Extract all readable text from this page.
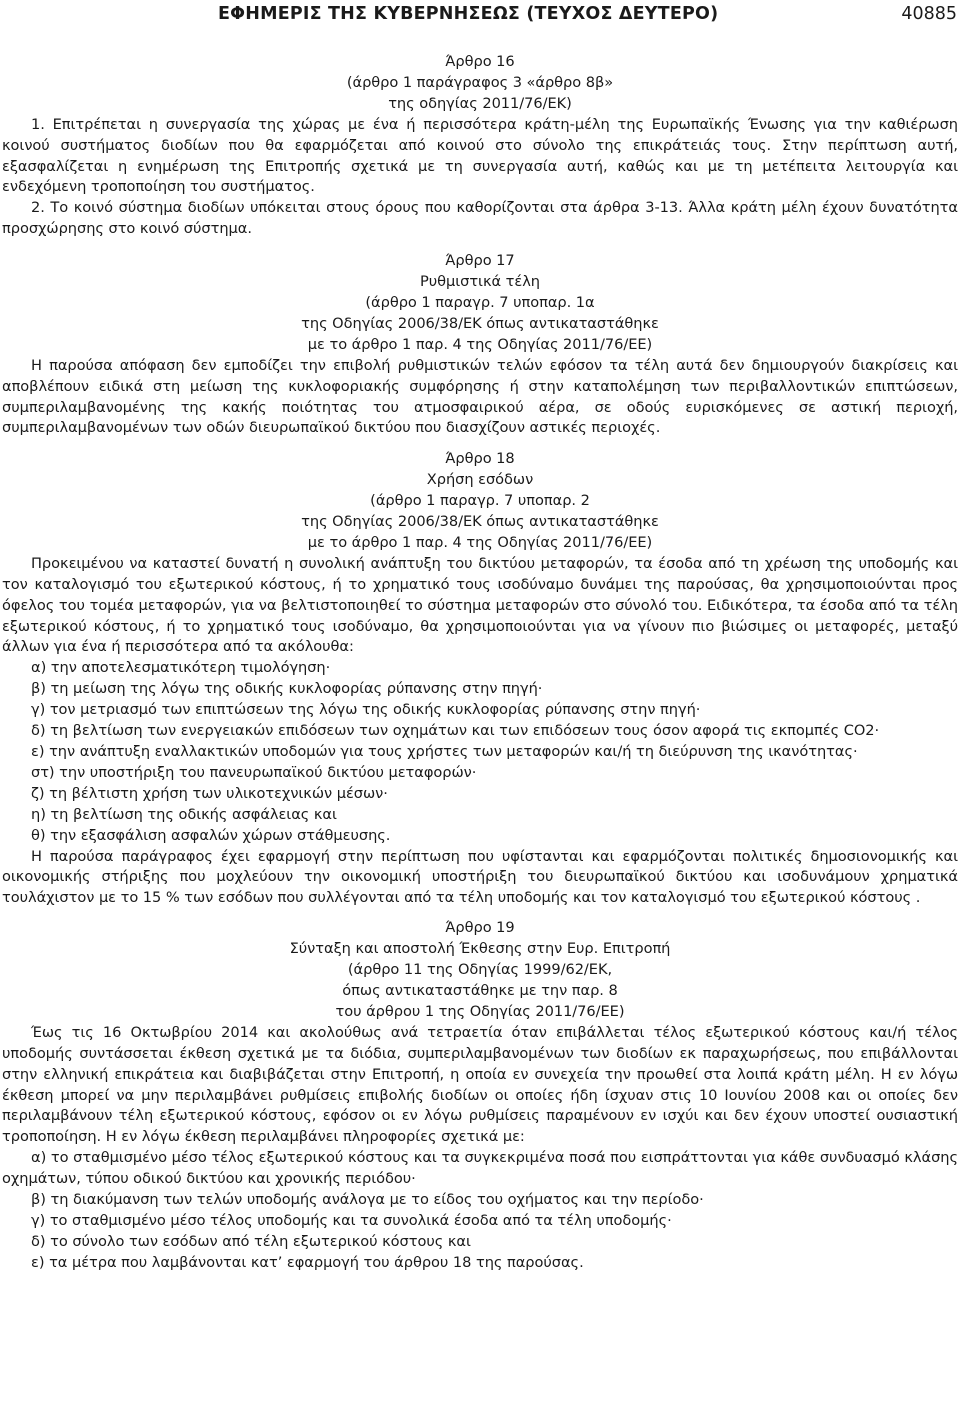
ΕΦΗΜΕΡΙΣ ΤΗΣ ΚΥΒΕΡΝΗΣΕΩΣ (ΤΕΥΧΟΣ ΔΕΥΤΕΡΟ)	40885
Άρθρο 16
(άρθρο 1 παράγραφος 3 «άρθρο 8β»
της οδηγίας 2011/76/ΕΚ)

1. Επιτρέπεται η συνεργασία της χώρας με ένα ή περισσότερα κράτη-μέλη της Ευρωπαϊκής Ένωσης για την καθιέρωση κοινού συστήματος διοδίων που θα εφαρμόζεται από κοινού στο σύνολο της επικράτειάς τους. Στην περίπτωση αυτή, εξασφαλίζεται η ενημέρωση της Επιτροπής σχετικά με τη συνεργασία αυτή, καθώς και με τη μετέπειτα λειτουργία και ενδεχόμενη τροποποίηση του συστήματος.

2. Το κοινό σύστημα διοδίων υπόκειται στους όρους που καθορίζονται στα άρθρα 3-13. Άλλα κράτη μέλη έχουν δυνατότητα προσχώρησης στο κοινό σύστημα.

Άρθρο 17
Ρυθμιστικά τέλη
(άρθρο 1 παραγρ. 7 υποπαρ. 1α
της Οδηγίας 2006/38/ΕΚ όπως αντικαταστάθηκε
με το άρθρο 1 παρ. 4 της Οδηγίας 2011/76/ΕΕ)

Η παρούσα απόφαση δεν εμποδίζει την επιβολή ρυθμιστικών τελών εφόσον τα τέλη αυτά δεν δημιουργούν διακρίσεις και αποβλέπουν ειδικά στη μείωση της κυκλοφοριακής συμφόρησης ή στην καταπολέμηση των περιβαλλοντικών επιπτώσεων, συμπεριλαμβανομένης της κακής ποιότητας του ατμοσφαιρικού αέρα, σε οδούς ευρισκόμενες σε αστική περιοχή, συμπεριλαμβανομένων των οδών διευρωπαϊκού δικτύου που διασχίζουν αστικές περιοχές.

Άρθρο 18
Χρήση εσόδων
(άρθρο 1 παραγρ. 7 υποπαρ. 2
της Οδηγίας 2006/38/ΕΚ όπως αντικαταστάθηκε
με το άρθρο 1 παρ. 4 της Οδηγίας 2011/76/ΕΕ)

Προκειμένου να καταστεί δυνατή η συνολική ανάπτυξη του δικτύου μεταφορών, τα έσοδα από τη χρέωση της υποδομής και τον καταλογισμό του εξωτερικού κόστους, ή το χρηματικό τους ισοδύναμο δυνάμει της παρούσας, θα χρησιμοποιούνται προς όφελος του τομέα μεταφορών, για να βελτιστοποιηθεί το σύστημα μεταφορών στο σύνολό του. Ειδικότερα, τα έσοδα από τα τέλη εξωτερικού κόστους, ή το χρηματικό τους ισοδύναμο, θα χρησιμοποιούνται για να γίνουν πιο βιώσιμες οι μεταφορές, μεταξύ άλλων για ένα ή περισσότερα από τα ακόλουθα:

α) την αποτελεσματικότερη τιμολόγηση·

β) τη μείωση της λόγω της οδικής κυκλοφορίας ρύπανσης στην πηγή·

γ) τον μετριασμό των επιπτώσεων της λόγω της οδικής κυκλοφορίας ρύπανσης στην πηγή·

δ) τη βελτίωση των ενεργειακών επιδόσεων των οχημάτων και των επιδόσεων τους όσον αφορά τις εκπομπές CO2·

ε) την ανάπτυξη εναλλακτικών υποδομών για τους χρήστες των μεταφορών και/ή τη διεύρυνση της ικανότητας·

στ) την υποστήριξη του πανευρωπαϊκού δικτύου μεταφορών·

ζ) τη βέλτιστη χρήση των υλικοτεχνικών μέσων·

η) τη βελτίωση της οδικής ασφάλειας και

θ) την εξασφάλιση ασφαλών χώρων στάθμευσης.

Η παρούσα παράγραφος έχει εφαρμογή στην περίπτωση που υφίστανται και εφαρμόζονται πολιτικές δημοσιονομικής και οικονομικής στήριξης που μοχλεύουν την οικονομική υποστήριξη του διευρωπαϊκού δικτύου και ισοδυνάμουν χρηματικά τουλάχιστον με το 15 % των εσόδων που συλλέγονται από τα τέλη υποδομής και τον καταλογισμό του εξωτερικού κόστους .

Άρθρο 19
Σύνταξη και αποστολή Έκθεσης στην Ευρ. Επιτροπή
(άρθρο 11 της Οδηγίας 1999/62/ΕΚ,
όπως αντικαταστάθηκε με την παρ. 8
του άρθρου 1 της Οδηγίας 2011/76/ΕΕ)

Έως τις 16 Οκτωβρίου 2014 και ακολούθως ανά τετραετία όταν επιβάλλεται τέλος εξωτερικού κόστους και/ή τέλος υποδομής συντάσσεται έκθεση σχετικά με τα διόδια, συμπεριλαμβανομένων των διοδίων εκ παραχωρήσεως, που επιβάλλονται στην ελληνική επικράτεια και διαβιβάζεται στην Επιτροπή, η οποία εν συνεχεία την προωθεί στα λοιπά κράτη μέλη. Η εν λόγω έκθεση μπορεί να μην περιλαμβάνει ρυθμίσεις επιβολής διοδίων οι οποίες ήδη ίσχυαν στις 10 Ιουνίου 2008 και οι οποίες δεν περιλαμβάνουν τέλη εξωτερικού κόστους, εφόσον οι εν λόγω ρυθμίσεις παραμένουν εν ισχύι και δεν έχουν υποστεί ουσιαστική τροποποίηση. Η εν λόγω έκθεση περιλαμβάνει πληροφορίες σχετικά με:

α) το σταθμισμένο μέσο τέλος εξωτερικού κόστους και τα συγκεκριμένα ποσά που εισπράττονται για κάθε συνδυασμό κλάσης οχημάτων, τύπου οδικού δικτύου και χρονικής περιόδου·

β) τη διακύμανση των τελών υποδομής ανάλογα με το είδος του οχήματος και την περίοδο·

γ) το σταθμισμένο μέσο τέλος υποδομής και τα συνολικά έσοδα από τα τέλη υποδομής·

δ) το σύνολο των εσόδων από τέλη εξωτερικού κόστους και

ε) τα μέτρα που λαμβάνονται κατ’ εφαρμογή του άρθρου 18 της παρούσας.
